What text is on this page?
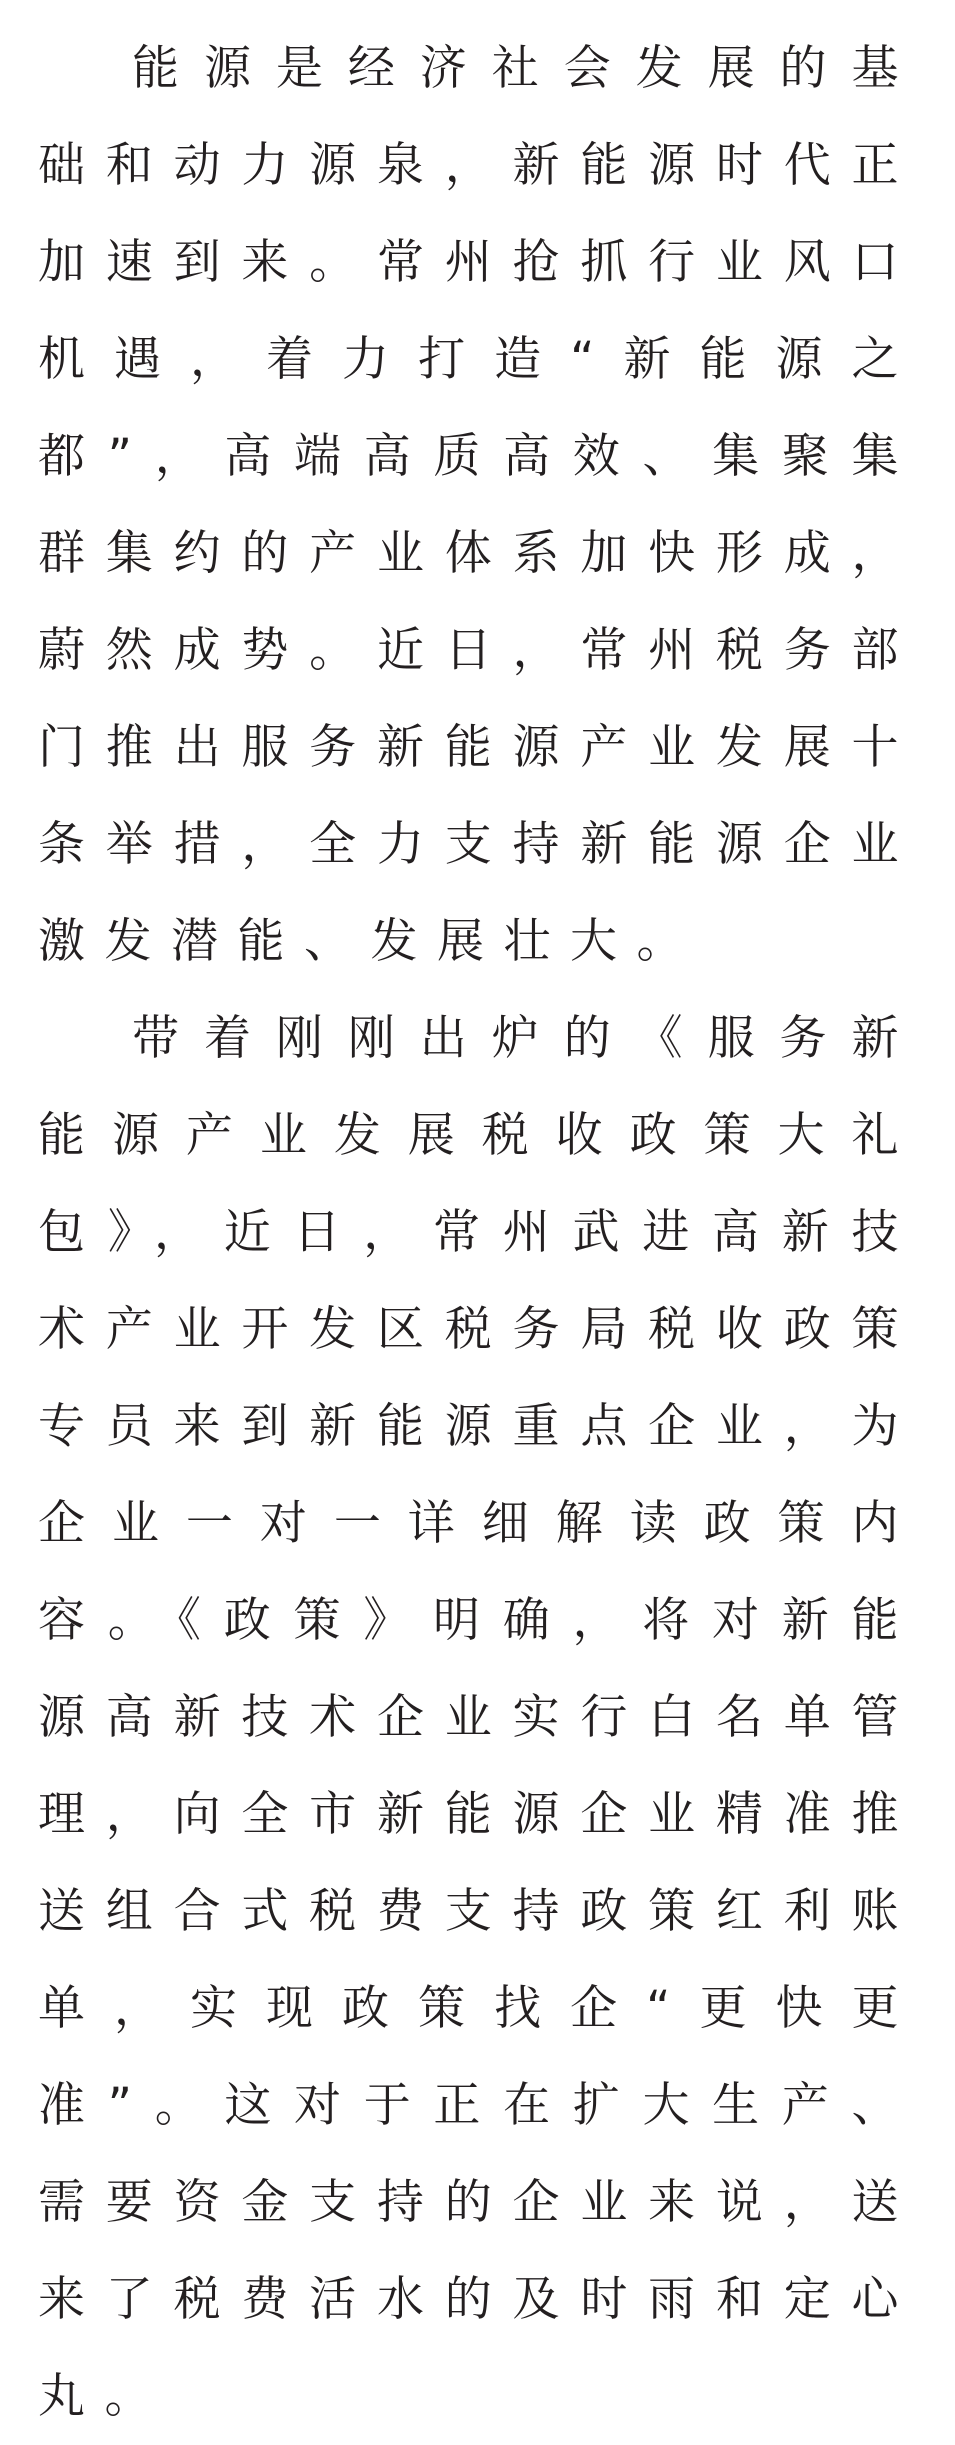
能源是经济社会发展的基础和动力源泉，新能源时代正加速到来。常州抢抓行业风口机遇，着力打造“新能源之都”，高端高质高效、集聚集群集约的产业体系加快形成，蔚然成势。近日，常州税务部门推出服务新能源产业发展十条举措，全力支持新能源企业激发潜能、发展壮大。

带着刚刚出炉的《服务新能源产业发展税收政策大礼包》，近日，常州武进高新技术产业开发区税务局税收政策专员来到新能源重点企业，为企业一对一详细解读政策内容。《政策》明确，将对新能源高新技术企业实行白名单管理，向全市新能源企业精准推送组合式税费支持政策红利账单，实现政策找企“更快更准”。这对于正在扩大生产、需要资金支持的企业来说，送来了税费活水的及时雨和定心丸。
